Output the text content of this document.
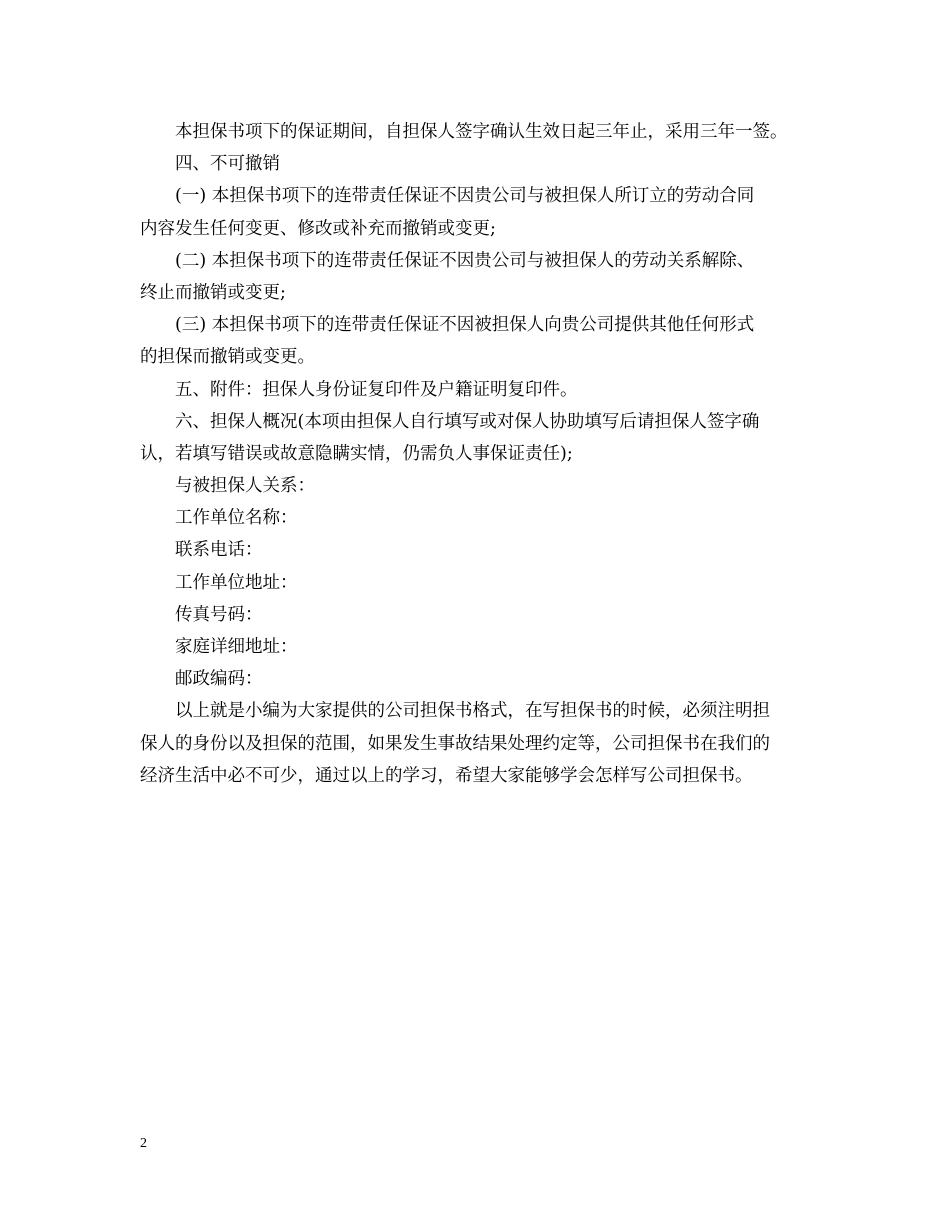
本担保书项下的保证期间，自担保人签字确认生效日起三年止，采用三年一签。
四、不可撤销
(一) 本担保书项下的连带责任保证不因贵公司与被担保人所订立的劳动合同
内容发生任何变更、修改或补充而撤销或变更;
(二) 本担保书项下的连带责任保证不因贵公司与被担保人的劳动关系解除、
终止而撤销或变更;
(三) 本担保书项下的连带责任保证不因被担保人向贵公司提供其他任何形式
的担保而撤销或变更。
五、附件：担保人身份证复印件及户籍证明复印件。
六、担保人概况(本项由担保人自行填写或对保人协助填写后请担保人签字确
认，若填写错误或故意隐瞒实情，仍需负人事保证责任);
与被担保人关系：
工作单位名称：
联系电话：
工作单位地址：
传真号码：
家庭详细地址：
邮政编码：
以上就是小编为大家提供的公司担保书格式，在写担保书的时候，必须注明担
保人的身份以及担保的范围，如果发生事故结果处理约定等，公司担保书在我们的
经济生活中必不可少，通过以上的学习，希望大家能够学会怎样写公司担保书。
2
